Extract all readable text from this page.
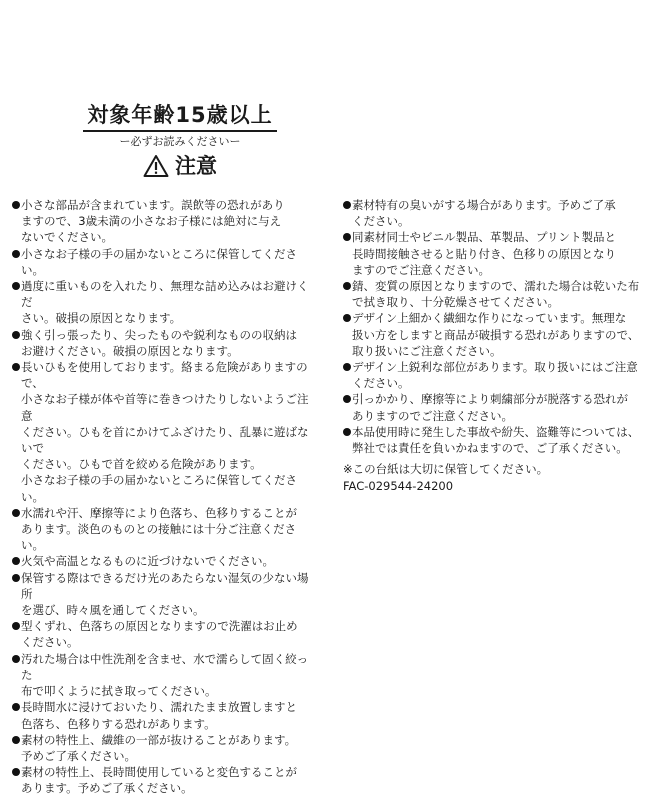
対象年齢15歳以上
ー必ずお読みくださいー
注意
小さな部品が含まれています。誤飲等の恐れがあり
ますので、3歳未満の小さなお子様には絶対に与え
ないでください。
小さなお子様の手の届かないところに保管してください。
過度に重いものを入れたり、無理な詰め込みはお避けくだ
さい。破損の原因となります。
強く引っ張ったり、尖ったものや鋭利なものの収納は
お避けください。破損の原因となります。
長いひもを使用しております。絡まる危険がありますので、
小さなお子様が体や首等に巻きつけたりしないようご注意
ください。ひもを首にかけてふざけたり、乱暴に遊ばないで
ください。ひもで首を絞める危険があります。
小さなお子様の手の届かないところに保管してください。
水濡れや汗、摩擦等により色落ち、色移りすることが
あります。淡色のものとの接触には十分ご注意ください。
火気や高温となるものに近づけないでください。
保管する際はできるだけ光のあたらない湿気の少ない場所
を選び、時々風を通してください。
型くずれ、色落ちの原因となりますので洗濯はお止め
ください。
汚れた場合は中性洗剤を含ませ、水で濡らして固く絞った
布で叩くように拭き取ってください。
長時間水に浸けておいたり、濡れたまま放置しますと
色落ち、色移りする恐れがあります。
素材の特性上、繊維の一部が抜けることがあります。
予めご了承ください。
素材の特性上、長時間使用していると変色することが
あります。予めご了承ください。
素材特有の臭いがする場合があります。予めご了承
ください。
同素材同士やビニル製品、革製品、プリント製品と
長時間接触させると貼り付き、色移りの原因となり
ますのでご注意ください。
錆、変質の原因となりますので、濡れた場合は乾いた布
で拭き取り、十分乾燥させてください。
デザイン上細かく繊細な作りになっています。無理な
扱い方をしますと商品が破損する恐れがありますので、
取り扱いにご注意ください。
デザイン上鋭利な部位があります。取り扱いにはご注意
ください。
引っかかり、摩擦等により刺繍部分が脱落する恐れが
ありますのでご注意ください。
本品使用時に発生した事故や紛失、盗難等については、
弊社では責任を負いかねますので、ご了承ください。
※この台紙は大切に保管してください。
FAC-029544-24200
